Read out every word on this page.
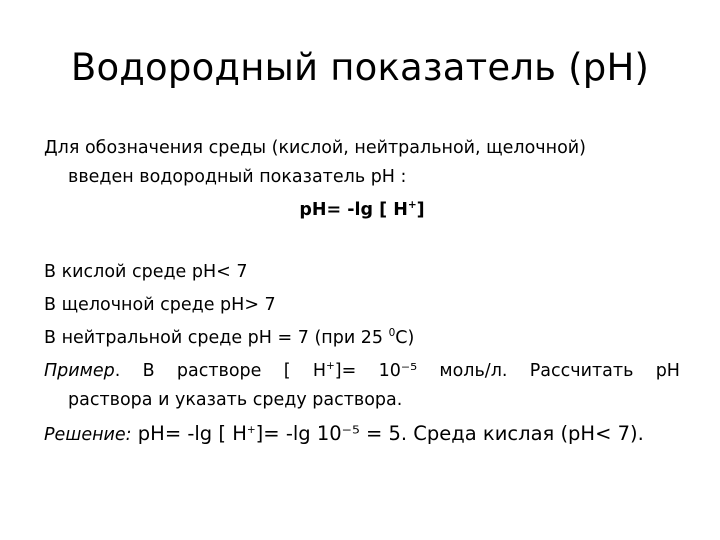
Водородный показатель (pH)

Для обозначения среды (кислой, нейтральной, щелочной)

введен водородный показатель рН :

рН= -lg [ H+]

В кислой среде рН< 7

В щелочной среде рН> 7

В нейтральной среде рН = 7 (при 25 $^0$С)

Пример. В растворе [ H+]= 10⁻⁵ моль/л. Рассчитать рН

раствора и указать среду раствора.

Решение: рН= -lg [ H+]= -lg 10⁻⁵ = 5. Среда кислая (рН< 7).
